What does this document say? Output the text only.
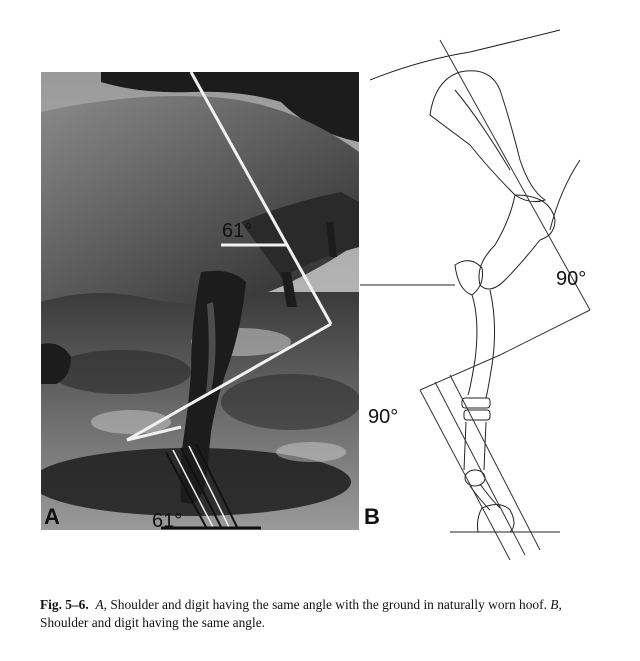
A	B
61°
61°
90°
90°
Fig. 5–6. A, Shoulder and digit having the same angle with the ground in naturally worn hoof. B, Shoulder and digit having the same angle.
